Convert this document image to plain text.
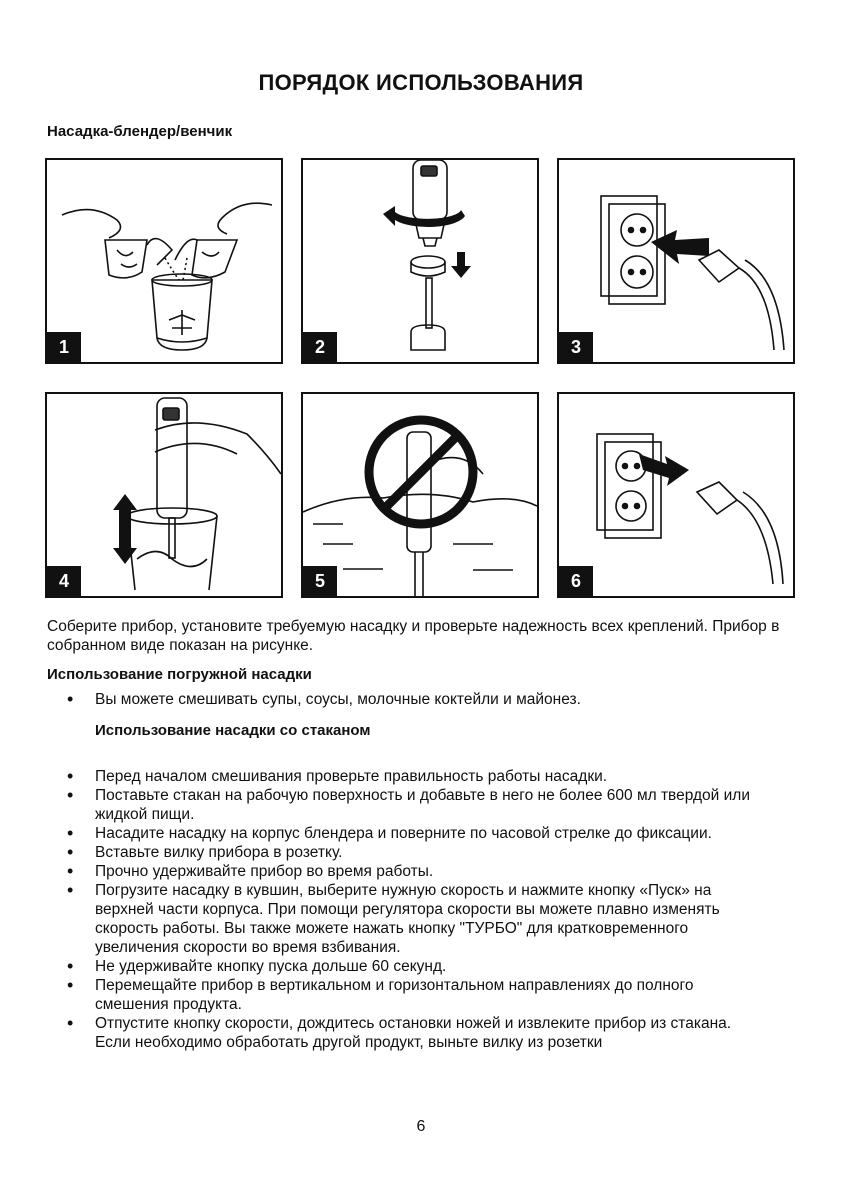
ПОРЯДОК ИСПОЛЬЗОВАНИЯ
Насадка-блендер/венчик
1	2	3
4	5	6
Соберите прибор, установите требуемую насадку и проверьте надежность всех креплений. Прибор в собранном виде показан на рисунке.
Использование погружной насадки
• Вы можете смешивать супы, соусы, молочные коктейли и майонез.
Использование насадки со стаканом
• Перед началом смешивания проверьте правильность работы насадки.
• Поставьте стакан на рабочую поверхность и добавьте в него не более 600 мл твердой или жидкой пищи.
• Насадите насадку на корпус блендера и поверните по часовой стрелке до фиксации.
• Вставьте вилку прибора в розетку.
• Прочно удерживайте прибор во время работы.
• Погрузите насадку в кувшин, выберите нужную скорость и нажмите кнопку «Пуск» на верхней части корпуса. При помощи регулятора скорости вы можете плавно изменять скорость работы. Вы также можете нажать кнопку "ТУРБО" для кратковременного увеличения скорости во время взбивания.
• Не удерживайте кнопку пуска дольше 60 секунд.
• Перемещайте прибор в вертикальном и горизонтальном направлениях до полного смешения продукта.
• Отпустите кнопку скорости, дождитесь остановки ножей и извлеките прибор из стакана. Если необходимо обработать другой продукт, выньте вилку из розетки
6
